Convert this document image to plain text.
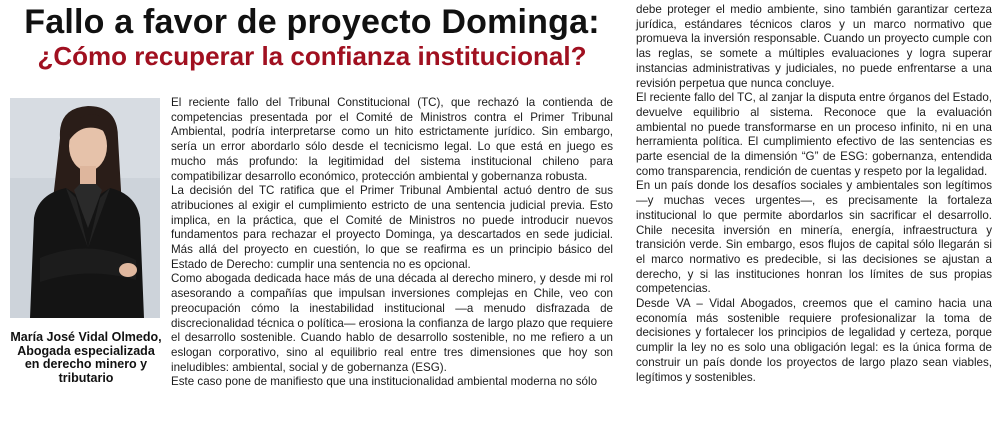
Fallo a favor de proyecto Dominga:
¿Cómo recuperar la confianza institucional?
María José Vidal Olmedo,
Abogada especializada
en derecho minero y
tributario

El reciente fallo del Tribunal Constitucional (TC), que rechazó la contienda de competencias presentada por el Comité de Ministros contra el Primer Tribunal Ambiental, podría interpretarse como un hito estrictamente jurídico. Sin embargo, sería un error abordarlo sólo desde el tecnicismo legal. Lo que está en juego es mucho más profundo: la legitimidad del sistema institucional chileno para compatibilizar desarrollo económico, protección ambiental y gobernanza robusta.

La decisión del TC ratifica que el Primer Tribunal Ambiental actuó dentro de sus atribuciones al exigir el cumplimiento estricto de una sentencia judicial previa. Esto implica, en la práctica, que el Comité de Ministros no puede introducir nuevos fundamentos para rechazar el proyecto Dominga, ya descartados en sede judicial. Más allá del proyecto en cuestión, lo que se reafirma es un principio básico del Estado de Derecho: cumplir una sentencia no es opcional.

Como abogada dedicada hace más de una década al derecho minero, y desde mi rol asesorando a compañías que impulsan inversiones complejas en Chile, veo con preocupación cómo la inestabilidad institucional —a menudo disfrazada de discrecionalidad técnica o política— erosiona la confianza de largo plazo que requiere el desarrollo sostenible. Cuando hablo de desarrollo sostenible, no me refiero a un eslogan corporativo, sino al equilibrio real entre tres dimensiones que hoy son ineludibles: ambiental, social y de gobernanza (ESG).

Este caso pone de manifiesto que una institucionalidad ambiental moderna no sólo

debe proteger el medio ambiente, sino también garantizar certeza jurídica, estándares técnicos claros y un marco normativo que promueva la inversión responsable. Cuando un proyecto cumple con las reglas, se somete a múltiples evaluaciones y logra superar instancias administrativas y judiciales, no puede enfrentarse a una revisión perpetua que nunca concluye.

El reciente fallo del TC, al zanjar la disputa entre órganos del Estado, devuelve equilibrio al sistema. Reconoce que la evaluación ambiental no puede transformarse en un proceso infinito, ni en una herramienta política. El cumplimiento efectivo de las sentencias es parte esencial de la dimensión “G” de ESG: gobernanza, entendida como transparencia, rendición de cuentas y respeto por la legalidad.

En un país donde los desafíos sociales y ambientales son legítimos —y muchas veces urgentes—, es precisamente la fortaleza institucional lo que permite abordarlos sin sacrificar el desarrollo. Chile necesita inversión en minería, energía, infraestructura y transición verde. Sin embargo, esos flujos de capital sólo llegarán si el marco normativo es predecible, si las decisiones se ajustan a derecho, y si las instituciones honran los límites de sus propias competencias.

Desde VA – Vidal Abogados, creemos que el camino hacia una economía más sostenible requiere profesionalizar la toma de decisiones y fortalecer los principios de legalidad y certeza, porque cumplir la ley no es solo una obligación legal: es la única forma de construir un país donde los proyectos de largo plazo sean viables, legítimos y sostenibles.
